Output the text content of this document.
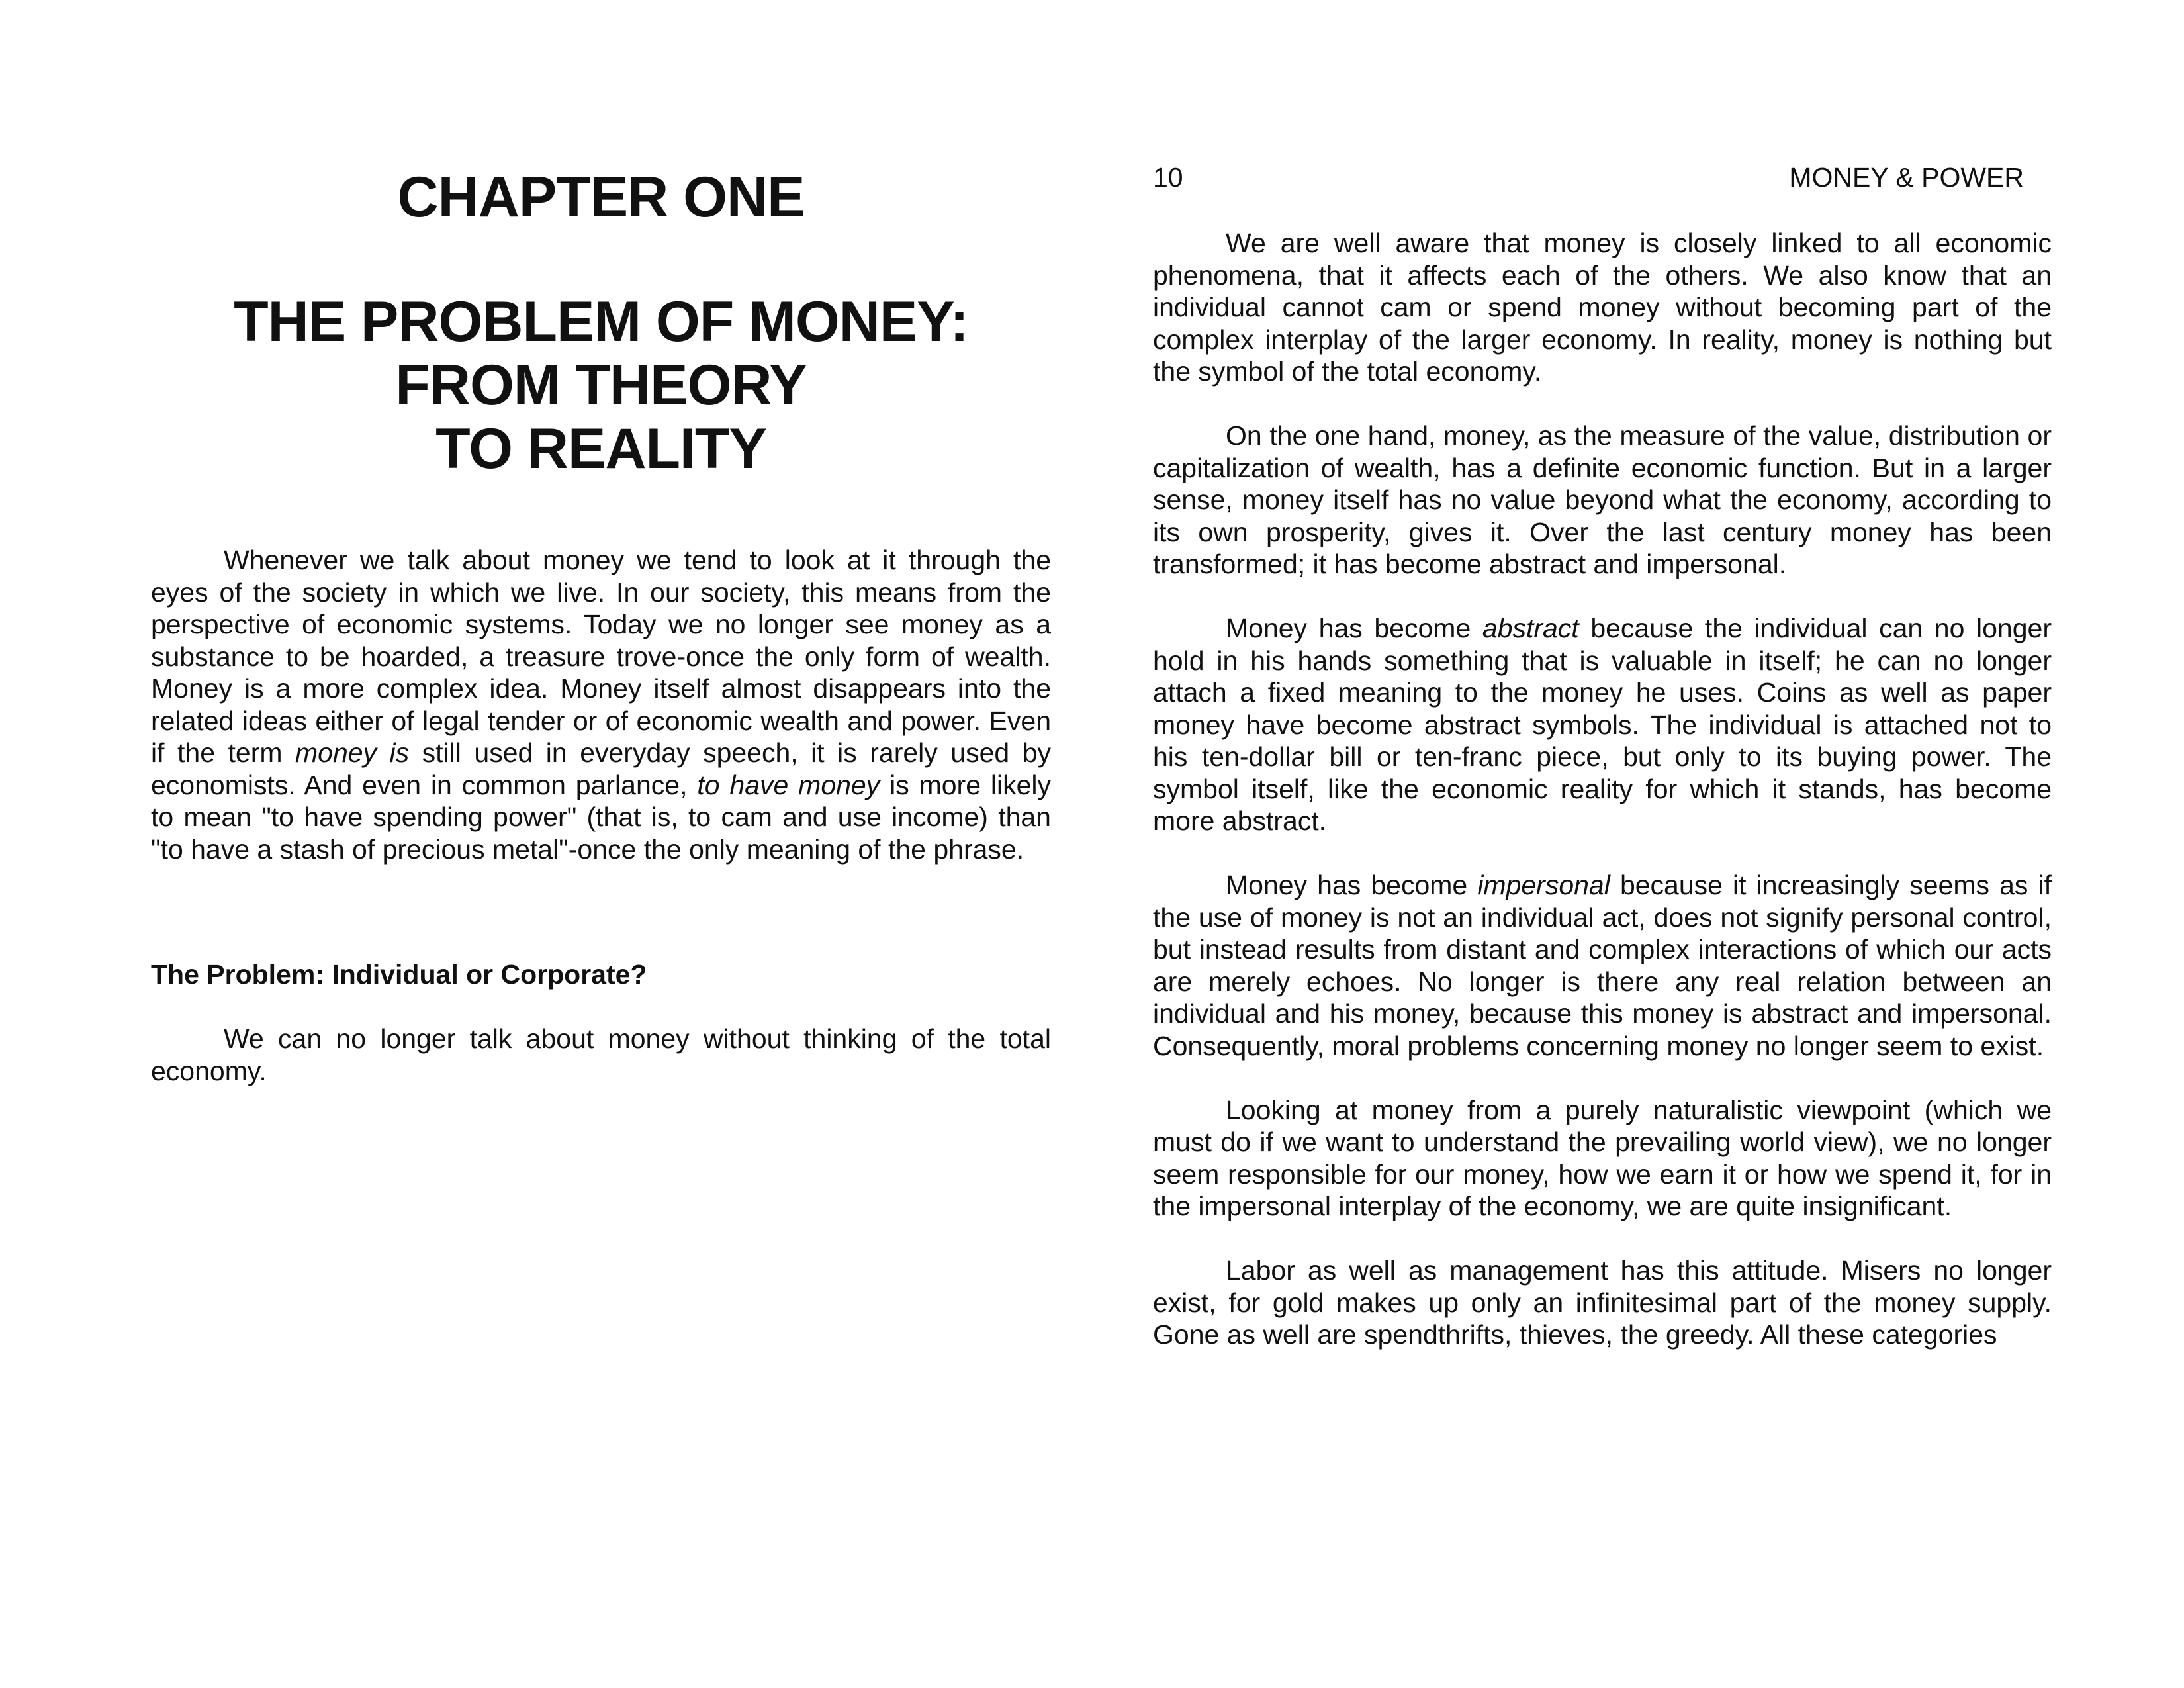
CHAPTER ONE
THE PROBLEM OF MONEY:
FROM THEORY
TO REALITY

Whenever we talk about money we tend to look at it through the eyes of the society in which we live. In our society, this means from the perspective of economic systems. Today we no longer see money as a substance to be hoarded, a treasure trove-once the only form of wealth. Money is a more complex idea. Money itself almost disappears into the related ideas either of legal tender or of economic wealth and power. Even if the term money is still used in everyday speech, it is rarely used by economists. And even in common parlance, to have money is more likely to mean "to have spending power" (that is, to cam and use income) than "to have a stash of precious metal"-once the only meaning of the phrase.

The Problem: Individual or Corporate?

We can no longer talk about money without thinking of the total economy.

10	MONEY & POWER

We are well aware that money is closely linked to all economic phenomena, that it affects each of the others. We also know that an individual cannot cam or spend money without becoming part of the complex interplay of the larger economy. In reality, money is nothing but the symbol of the total economy.

On the one hand, money, as the measure of the value, distribution or capitalization of wealth, has a definite economic function. But in a larger sense, money itself has no value beyond what the economy, according to its own prosperity, gives it. Over the last century money has been transformed; it has become abstract and impersonal.

Money has become abstract because the individual can no longer hold in his hands something that is valuable in itself; he can no longer attach a fixed meaning to the money he uses. Coins as well as paper money have become abstract symbols. The individual is attached not to his ten-dollar bill or ten-franc piece, but only to its buying power. The symbol itself, like the economic reality for which it stands, has become more abstract.

Money has become impersonal because it increasingly seems as if the use of money is not an individual act, does not signify personal control, but instead results from distant and complex interactions of which our acts are merely echoes. No longer is there any real relation between an individual and his money, because this money is abstract and impersonal. Consequently, moral problems concerning money no longer seem to exist.

Looking at money from a purely naturalistic viewpoint (which we must do if we want to understand the prevailing world view), we no longer seem responsible for our money, how we earn it or how we spend it, for in the impersonal interplay of the economy, we are quite insignificant.

Labor as well as management has this attitude. Misers no longer exist, for gold makes up only an infinitesimal part of the money supply. Gone as well are spendthrifts, thieves, the greedy. All these categories
